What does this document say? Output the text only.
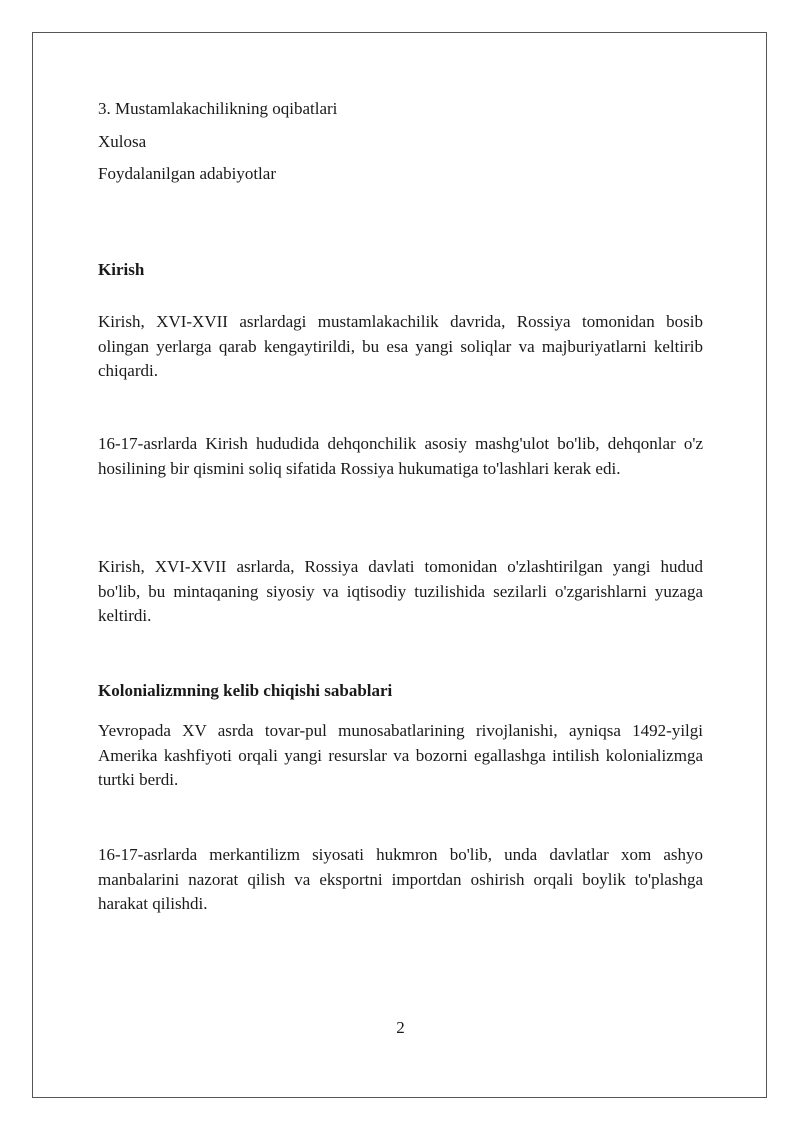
3. Mustamlakachilikning oqibatlari
Xulosa
Foydalanilgan adabiyotlar
Kirish

Kirish, XVI-XVII asrlardagi mustamlakachilik davrida, Rossiya tomonidan bosib olingan yerlarga qarab kengaytirildi, bu esa yangi soliqlar va majburiyatlarni keltirib chiqardi.

16-17-asrlarda Kirish hududida dehqonchilik asosiy mashg'ulot bo'lib, dehqonlar o'z hosilining bir qismini soliq sifatida Rossiya hukumatiga to'lashlari kerak edi.

Kirish, XVI-XVII asrlarda, Rossiya davlati tomonidan o'zlashtirilgan yangi hudud bo'lib, bu mintaqaning siyosiy va iqtisodiy tuzilishida sezilarli o'zgarishlarni yuzaga keltirdi.

Kolonializmning kelib chiqishi sabablari

Yevropada XV asrda tovar-pul munosabatlarining rivojlanishi, ayniqsa 1492-yilgi Amerika kashfiyoti orqali yangi resurslar va bozorni egallashga intilish kolonializmga turtki berdi.

16-17-asrlarda merkantilizm siyosati hukmron bo'lib, unda davlatlar xom ashyo manbalarini nazorat qilish va eksportni importdan oshirish orqali boylik to'plashga harakat qilishdi.

2
